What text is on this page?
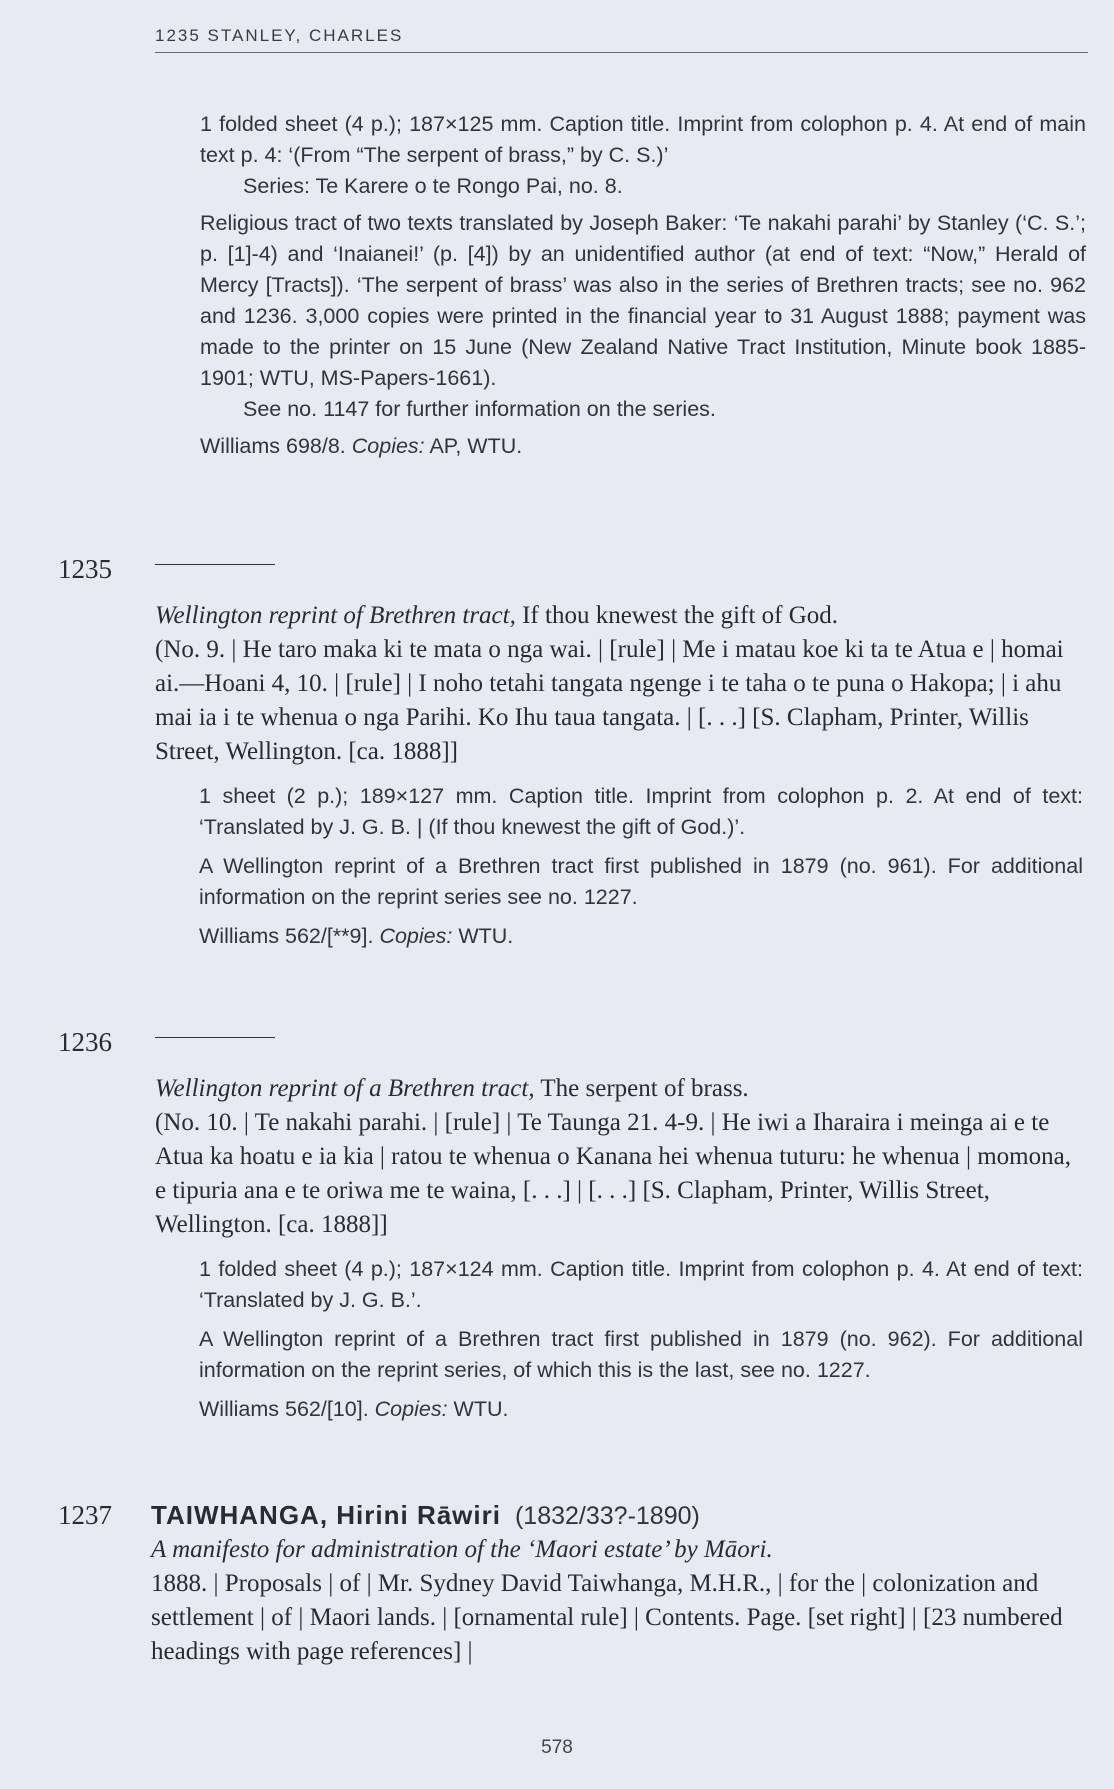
1235 STANLEY, CHARLES

1 folded sheet (4 p.); 187×125 mm. Caption title. Imprint from colophon p. 4. At end of main text p. 4: ‘(From “The serpent of brass,” by C. S.)’

Series: Te Karere o te Rongo Pai, no. 8.

Religious tract of two texts translated by Joseph Baker: ‘Te nakahi parahi’ by Stanley (‘C. S.’; p. [1]-4) and ‘Inaianei!’ (p. [4]) by an unidentified author (at end of text: “Now,” Herald of Mercy [Tracts]). ‘The serpent of brass’ was also in the series of Brethren tracts; see no. 962 and 1236. 3,000 copies were printed in the financial year to 31 August 1888; payment was made to the printer on 15 June (New Zealand Native Tract Institution, Minute book 1885-1901; WTU, MS-Papers-1661).

See no. 1147 for further information on the series.

Williams 698/8. Copies: AP, WTU.

1235

Wellington reprint of Brethren tract, If thou knewest the gift of God.

(No. 9. | He taro maka ki te mata o nga wai. | [rule] | Me i matau koe ki ta te Atua e | homai ai.—Hoani 4, 10. | [rule] | I noho tetahi tangata ngenge i te taha o te puna o Hakopa; | i ahu mai ia i te whenua o nga Parihi. Ko Ihu taua tangata. | [. . .] [S. Clapham, Printer, Willis Street, Wellington. [ca. 1888]]

1 sheet (2 p.); 189×127 mm. Caption title. Imprint from colophon p. 2. At end of text: ‘Translated by J. G. B. | (If thou knewest the gift of God.)’.

A Wellington reprint of a Brethren tract first published in 1879 (no. 961). For additional information on the reprint series see no. 1227.

Williams 562/[**9]. Copies: WTU.

1236

Wellington reprint of a Brethren tract, The serpent of brass.

(No. 10. | Te nakahi parahi. | [rule] | Te Taunga 21. 4-9. | He iwi a Iharaira i meinga ai e te Atua ka hoatu e ia kia | ratou te whenua o Kanana hei whenua tuturu: he whenua | momona, e tipuria ana e te oriwa me te waina, [. . .] | [. . .] [S. Clapham, Printer, Willis Street, Wellington. [ca. 1888]]

1 folded sheet (4 p.); 187×124 mm. Caption title. Imprint from colophon p. 4. At end of text: ‘Translated by J. G. B.’.

A Wellington reprint of a Brethren tract first published in 1879 (no. 962). For additional information on the reprint series, of which this is the last, see no. 1227.

Williams 562/[10]. Copies: WTU.

1237 TAIWHANGA, Hirini Rāwiri (1832/33?-1890)

A manifesto for administration of the ‘Maori estate’ by Māori.

1888. | Proposals | of | Mr. Sydney David Taiwhanga, M.H.R., | for the | colonization and settlement | of | Maori lands. | [ornamental rule] | Contents. Page. [set right] | [23 numbered headings with page references] |

578
